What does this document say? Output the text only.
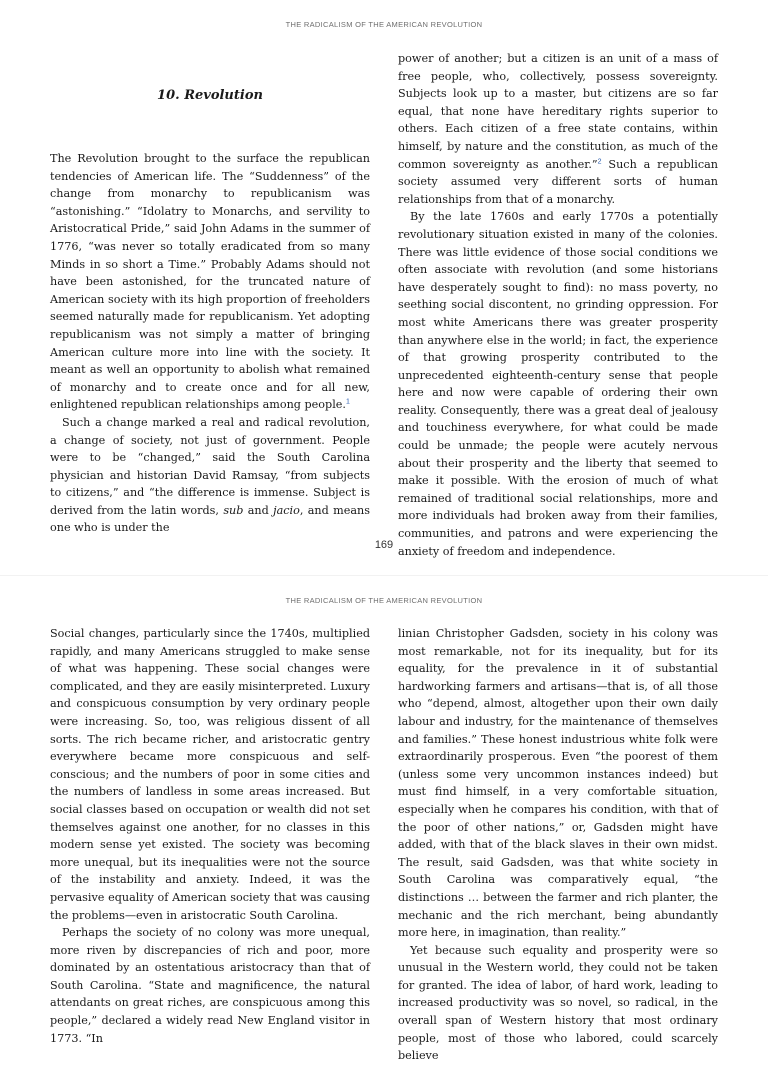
THE RADICALISM OF THE AMERICAN REVOLUTION
10. Revolution

The Revolution brought to the surface the republican tendencies of American life. The “Suddenness” of the change from monarchy to republicanism was “astonishing.” “Idolatry to Monarchs, and servility to Aristocratical Pride,” said John Adams in the summer of 1776, “was never so totally eradicated from so many Minds in so short a Time.” Probably Adams should not have been astonished, for the truncated nature of American society with its high proportion of freeholders seemed naturally made for republicanism. Yet adopting republicanism was not simply a matter of bringing American culture more into line with the society. It meant as well an opportunity to abolish what remained of monarchy and to create once and for all new, enlightened republican relationships among people.$^1$

Such a change marked a real and radical revolution, a change of society, not just of government. People were to be “changed,” said the South Carolina physician and historian David Ramsay, “from subjects to citizens,” and “the difference is immense. Subject is derived from the latin words, sub and jacio, and means one who is under the

power of another; but a citizen is an unit of a mass of free people, who, collectively, possess sovereignty. Subjects look up to a master, but citizens are so far equal, that none have hereditary rights superior to others. Each citizen of a free state contains, within himself, by nature and the constitution, as much of the common sovereignty as another.”$^2$ Such a republican society assumed very different sorts of human relationships from that of a monarchy.

By the late 1760s and early 1770s a potentially revolutionary situation existed in many of the colonies. There was little evidence of those social conditions we often associate with revolution (and some historians have desperately sought to find): no mass poverty, no seething social discontent, no grinding oppression. For most white Americans there was greater prosperity than anywhere else in the world; in fact, the experience of that growing prosperity contributed to the unprecedented eighteenth-century sense that people here and now were capable of ordering their own reality. Consequently, there was a great deal of jealousy and touchiness everywhere, for what could be made could be unmade; the people were acutely nervous about their prosperity and the liberty that seemed to make it possible. With the erosion of much of what remained of traditional social relationships, more and more individuals had broken away from their families, communities, and patrons and were experiencing the anxiety of freedom and independence.

169
THE RADICALISM OF THE AMERICAN REVOLUTION

Social changes, particularly since the 1740s, multiplied rapidly, and many Americans struggled to make sense of what was happening. These social changes were complicated, and they are easily misinterpreted. Luxury and conspicuous consumption by very ordinary people were increasing. So, too, was religious dissent of all sorts. The rich became richer, and aristocratic gentry everywhere became more conspicuous and self-conscious; and the numbers of poor in some cities and the numbers of landless in some areas increased. But social classes based on occupation or wealth did not set themselves against one another, for no classes in this modern sense yet existed. The society was becoming more unequal, but its inequalities were not the source of the instability and anxiety. Indeed, it was the pervasive equality of American society that was causing the problems—even in aristocratic South Carolina.

Perhaps the society of no colony was more unequal, more riven by discrepancies of rich and poor, more dominated by an ostentatious aristocracy than that of South Carolina. “State and magnificence, the natural attendants on great riches, are conspicuous among this people,” declared a widely read New England visitor in 1773. “In

linian Christopher Gadsden, society in his colony was most remarkable, not for its inequality, but for its equality, for the prevalence in it of substantial hardworking farmers and artisans—that is, of all those who “depend, almost, altogether upon their own daily labour and industry, for the maintenance of themselves and families.” These honest industrious white folk were extraordinarily prosperous. Even “the poorest of them (unless some very uncommon instances indeed) but must find himself, in a very comfortable situation, especially when he compares his condition, with that of the poor of other nations,” or, Gadsden might have added, with that of the black slaves in their own midst. The result, said Gadsden, was that white society in South Carolina was comparatively equal, “the distinctions … between the farmer and rich planter, the mechanic and the rich merchant, being abundantly more here, in imagination, than reality.”

Yet because such equality and prosperity were so unusual in the Western world, they could not be taken for granted. The idea of labor, of hard work, leading to increased productivity was so novel, so radical, in the overall span of Western history that most ordinary people, most of those who labored, could scarcely believe
